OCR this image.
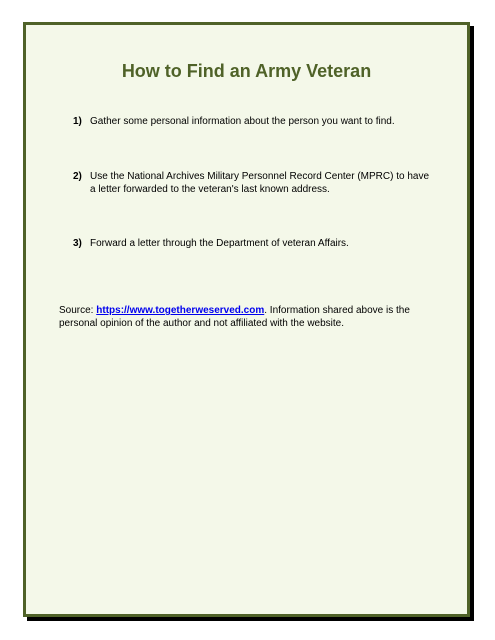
How to Find an Army Veteran
1) Gather some personal information about the person you want to find.
2) Use the National Archives Military Personnel Record Center (MPRC) to have a letter forwarded to the veteran's last known address.
3) Forward a letter through the Department of veteran Affairs.
Source: https://www.togetherweserved.com. Information shared above is the personal opinion of the author and not affiliated with the website.
